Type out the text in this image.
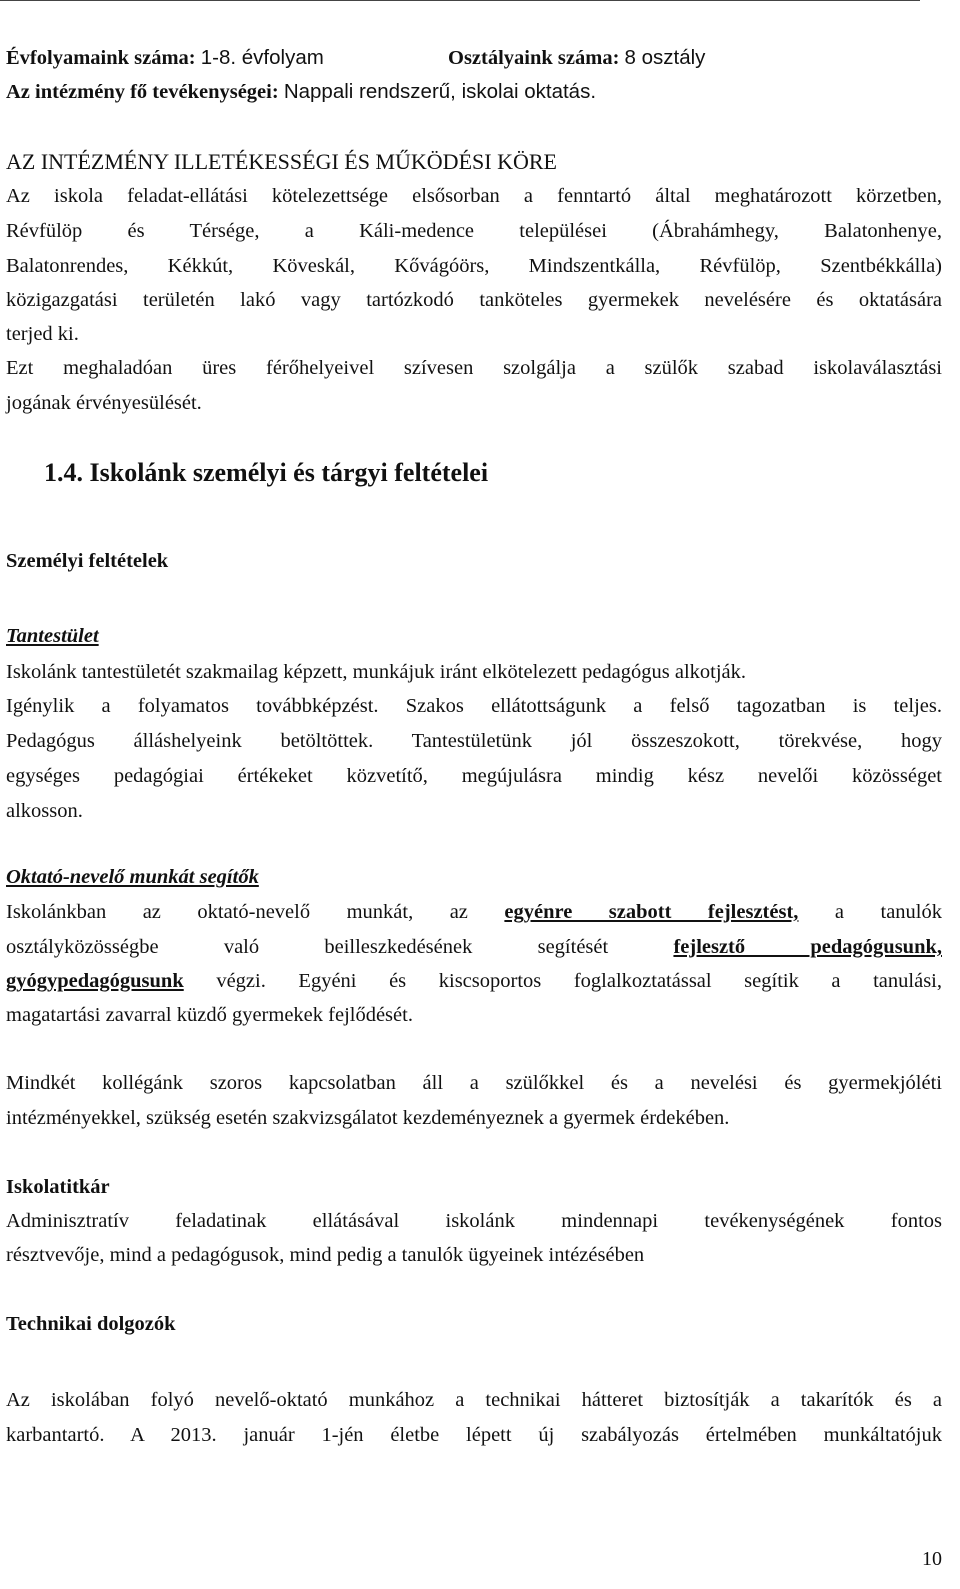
Évfolyamaink száma: 1-8. évfolyam	Osztályaink száma: 8 osztály
Az intézmény fő tevékenységei: Nappali rendszerű, iskolai oktatás.
AZ INTÉZMÉNY ILLETÉKESSÉGI ÉS MŰKÖDÉSI KÖRE
Az iskola feladat-ellátási kötelezettsége elsősorban a fenntartó által meghatározott körzetben,
Révfülöp és Térsége, a Káli-medence települései (Ábrahámhegy, Balatonhenye,
Balatonrendes, Kékkút, Köveskál, Kővágóörs, Mindszentkálla, Révfülöp, Szentbékkálla)
közigazgatási területén lakó vagy tartózkodó tanköteles gyermekek nevelésére és oktatására
terjed ki.
Ezt meghaladóan üres férőhelyeivel szívesen szolgálja a szülők szabad iskolaválasztási
jogának érvényesülését.
1.4. Iskolánk személyi és tárgyi feltételei
Személyi feltételek
Tantestület
Iskolánk tantestületét szakmailag képzett, munkájuk iránt elkötelezett pedagógus alkotják.
Igénylik a folyamatos továbbképzést. Szakos ellátottságunk a felső tagozatban is teljes.
Pedagógus álláshelyeink betöltöttek. Tantestületünk jól összeszokott, törekvése, hogy
egységes pedagógiai értékeket közvetítő, megújulásra mindig kész nevelői közösséget
alkosson.
Oktató-nevelő munkát segítők
Iskolánkban az oktató-nevelő munkát, az egyénre szabott fejlesztést, a tanulók
osztályközösségbe való beilleszkedésének segítését	fejlesztő pedagógusunk,
gyógypedagógusunk végzi. Egyéni és kiscsoportos foglalkoztatással segítik a tanulási,
magatartási zavarral küzdő gyermekek fejlődését.
Mindkét kollégánk szoros kapcsolatban áll a szülőkkel és a nevelési és gyermekjóléti
intézményekkel, szükség esetén szakvizsgálatot kezdeményeznek a gyermek érdekében.
Iskolatitkár
Adminisztratív feladatinak ellátásával iskolánk mindennapi tevékenységének fontos
résztvevője, mind a pedagógusok, mind pedig a tanulók ügyeinek intézésében
Technikai dolgozók
Az iskolában folyó nevelő-oktató munkához a technikai hátteret biztosítják a takarítók és a
karbantartó. A 2013. január 1-jén életbe lépett új szabályozás értelmében munkáltatójuk
10
